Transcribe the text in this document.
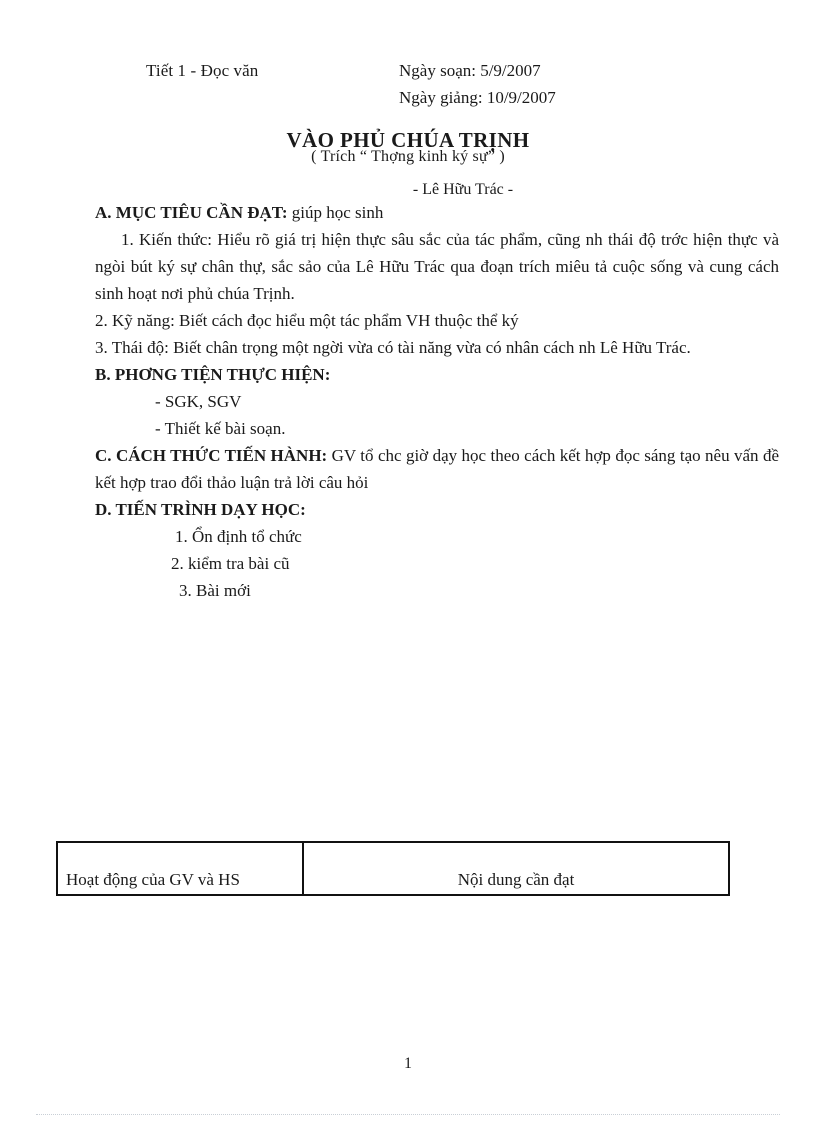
Tiết 1 - Đọc văn	Ngày soạn: 5/9/2007
Ngày giảng: 10/9/2007
VÀO PHỦ CHÚA TRỊNH
( Trích “ Thợng kinh ký sự” )
- Lê Hữu Trác -

A. MỤC TIÊU CẦN ĐẠT: giúp học sinh

1. Kiến thức: Hiểu rõ giá trị hiện thực sâu sắc của tác phẩm, cũng nh thái độ trớc hiện thực và ngòi bút ký sự chân thự, sắc sảo của Lê Hữu Trác qua đoạn trích miêu tả cuộc sống và cung cách sinh hoạt nơi phủ chúa Trịnh.

2. Kỹ năng: Biết cách đọc hiểu một tác phẩm VH thuộc thể ký

3. Thái độ: Biết chân trọng một ngời vừa có tài năng vừa có nhân cách nh Lê Hữu Trác.

B. PHƠNG TIỆN THỰC HIỆN:

- SGK, SGV

- Thiết kế bài soạn.

C. CÁCH THỨC TIẾN HÀNH: GV tổ chc giờ dạy học theo cách kết hợp đọc sáng tạo nêu vấn đề kết hợp trao đổi thảo luận trả lời câu hỏi

D. TIẾN TRÌNH DẠY HỌC:

1. Ổn định tổ chức

2. kiểm tra bài cũ

3. Bài mới

Hoạt động của GV và HS	Nội dung cần đạt
1
